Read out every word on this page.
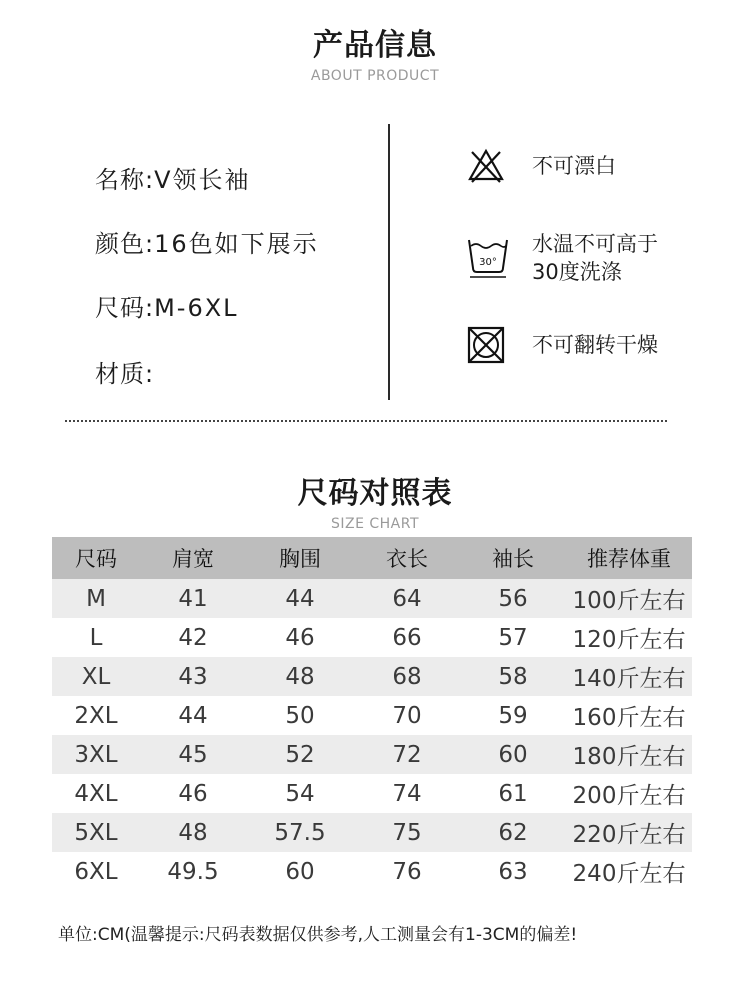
产品信息
ABOUT PRODUCT
名称:V领长袖
颜色:16色如下展示
尺码:M-6XL
材质:
不可漂白
30°
水温不可高于30度洗涤
不可翻转干燥
尺码对照表
SIZE CHART
尺码	肩宽	胸围	衣长	袖长	推荐体重
M	41	44	64	56	100斤左右
L	42	46	66	57	120斤左右
XL	43	48	68	58	140斤左右
2XL	44	50	70	59	160斤左右
3XL	45	52	72	60	180斤左右
4XL	46	54	74	61	200斤左右
5XL	48	57.5	75	62	220斤左右
6XL	49.5	60	76	63	240斤左右
单位:CM(温馨提示:尺码表数据仅供参考,人工测量会有1-3CM的偏差!
